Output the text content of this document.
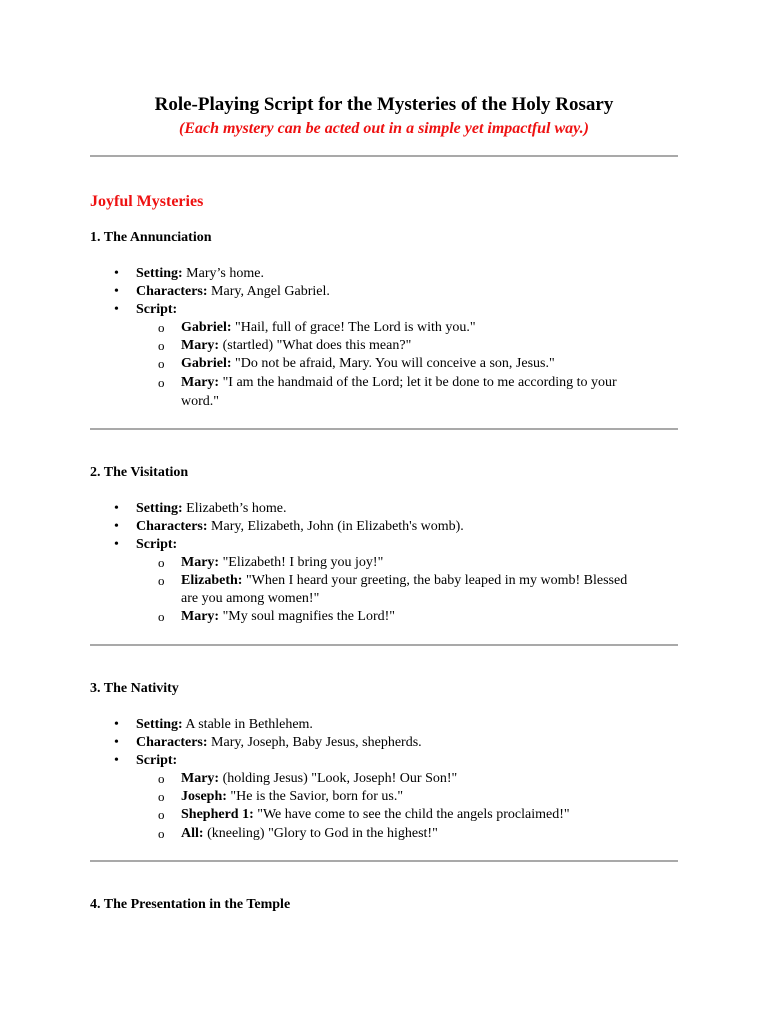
Role-Playing Script for the Mysteries of the Holy Rosary
(Each mystery can be acted out in a simple yet impactful way.)
Joyful Mysteries
1. The Annunciation
• Setting: Mary’s home.
• Characters: Mary, Angel Gabriel.
• Script:
o Gabriel: "Hail, full of grace! The Lord is with you."
o Mary: (startled) "What does this mean?"
o Gabriel: "Do not be afraid, Mary. You will conceive a son, Jesus."
o Mary: "I am the handmaid of the Lord; let it be done to me according to your
word."
2. The Visitation
• Setting: Elizabeth’s home.
• Characters: Mary, Elizabeth, John (in Elizabeth's womb).
• Script:
o Mary: "Elizabeth! I bring you joy!"
o Elizabeth: "When I heard your greeting, the baby leaped in my womb! Blessed
are you among women!"
o Mary: "My soul magnifies the Lord!"
3. The Nativity
• Setting: A stable in Bethlehem.
• Characters: Mary, Joseph, Baby Jesus, shepherds.
• Script:
o Mary: (holding Jesus) "Look, Joseph! Our Son!"
o Joseph: "He is the Savior, born for us."
o Shepherd 1: "We have come to see the child the angels proclaimed!"
o All: (kneeling) "Glory to God in the highest!"
4. The Presentation in the Temple
